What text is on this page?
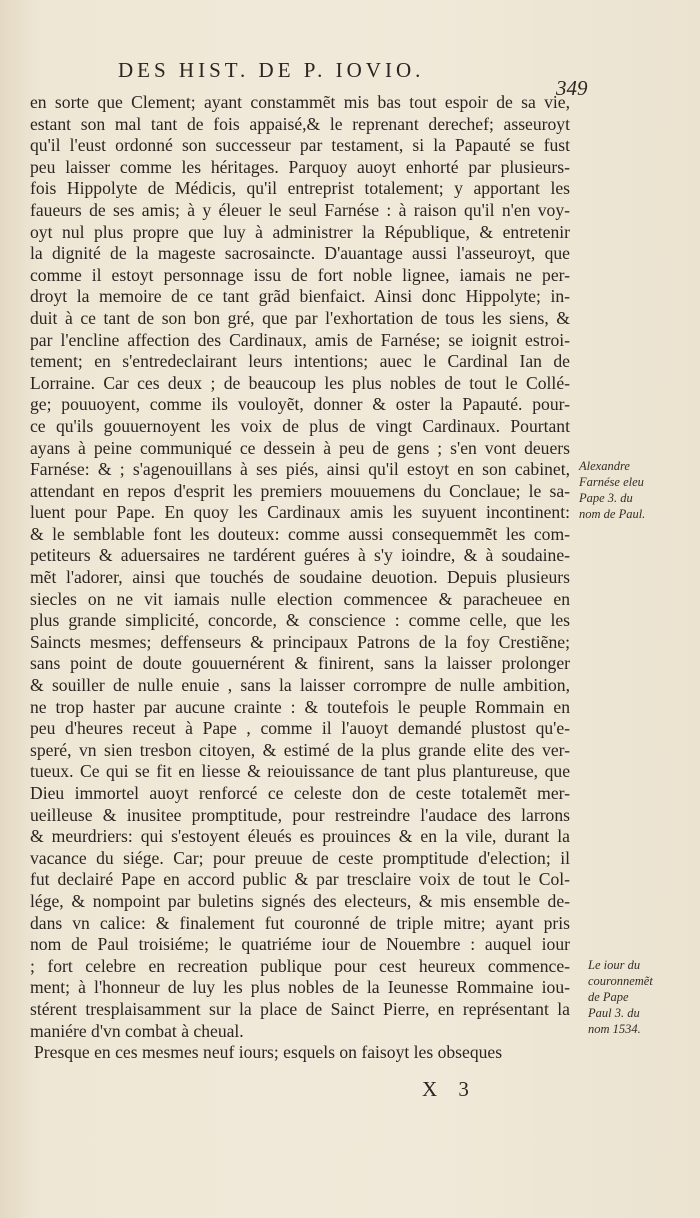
DES HIST. DE P. IOVIO.
349
en sorte que Clement; ayant constammẽt mis bas tout espoir de sa vie,
estant son mal tant de fois appaisé,& le reprenant derechef; asseuroyt
qu'il l'eust ordonné son successeur par testament, si la Papauté se fust
peu laisser comme les héritages. Parquoy auoyt enhorté par plusieurs-
fois Hippolyte de Médicis, qu'il entreprist totalement; y apportant les
faueurs de ses amis; à y éleuer le seul Farnése : à raison qu'il n'en voy-
oyt nul plus propre que luy à administrer la République, & entretenir
la dignité de la mageste sacrosaincte. D'auantage aussi l'asseuroyt, que
comme il estoyt personnage issu de fort noble lignee, iamais ne per-
droyt la memoire de ce tant grãd bienfaict. Ainsi donc Hippolyte; in-
duit à ce tant de son bon gré, que par l'exhortation de tous les siens, &
par l'encline affection des Cardinaux, amis de Farnése; se ioignit estroi-
tement; en s'entredeclairant leurs intentions; auec le Cardinal Ian de
Lorraine. Car ces deux ; de beaucoup les plus nobles de tout le Collé-
ge; pouuoyent, comme ils vouloyẽt, donner & oster la Papauté. pour-
ce qu'ils gouuernoyent les voix de plus de vingt Cardinaux. Pourtant
ayans à peine communiqué ce dessein à peu de gens ; s'en vont deuers
Farnése: & ; s'agenouillans à ses piés, ainsi qu'il estoyt en son cabinet,
attendant en repos d'esprit les premiers mouuemens du Conclaue; le sa-
luent pour Pape. En quoy les Cardinaux amis les suyuent incontinent:
& le semblable font les douteux: comme aussi consequemmẽt les com-
petiteurs & aduersaires ne tardérent guéres à s'y ioindre, & à soudaine-
mẽt l'adorer, ainsi que touchés de soudaine deuotion. Depuis plusieurs
siecles on ne vit iamais nulle election commencee & paracheuee en
plus grande simplicité, concorde, & conscience : comme celle, que les
Saincts mesmes; deffenseurs & principaux Patrons de la foy Crestiẽne;
sans point de doute gouuernérent & finirent, sans la laisser prolonger
& souiller de nulle enuie , sans la laisser corrompre de nulle ambition,
ne trop haster par aucune crainte : & toutefois le peuple Rommain en
peu d'heures receut à Pape , comme il l'auoyt demandé plustost qu'e-
speré, vn sien tresbon citoyen, & estimé de la plus grande elite des ver-
tueux. Ce qui se fit en liesse & reiouissance de tant plus plantureuse, que
Dieu immortel auoyt renforcé ce celeste don de ceste totalemẽt mer-
ueilleuse & inusitee promptitude, pour restreindre l'audace des larrons
& meurdriers: qui s'estoyent éleués es prouinces & en la vile, durant la
vacance du siége. Car; pour preuue de ceste promptitude d'election; il
fut declairé Pape en accord public & par tresclaire voix de tout le Col-
lége, & nompoint par buletins signés des electeurs, & mis ensemble de-
dans vn calice: & finalement fut couronné de triple mitre; ayant pris
nom de Paul troisiéme; le quatriéme iour de Nouembre : auquel iour
; fort celebre en recreation publique pour cest heureux commence-
ment; à l'honneur de luy les plus nobles de la Ieunesse Rommaine iou-
stérent tresplaisamment sur la place de Sainct Pierre, en représentant la
maniére d'vn combat à cheual.
Presque en ces mesmes neuf iours; esquels on faisoyt les obseques
Alexandre
Farnése eleu
Pape 3. du
nom de Paul.
Le iour du
couronnemẽt
de Pape
Paul 3. du
nom 1534.
X 3
